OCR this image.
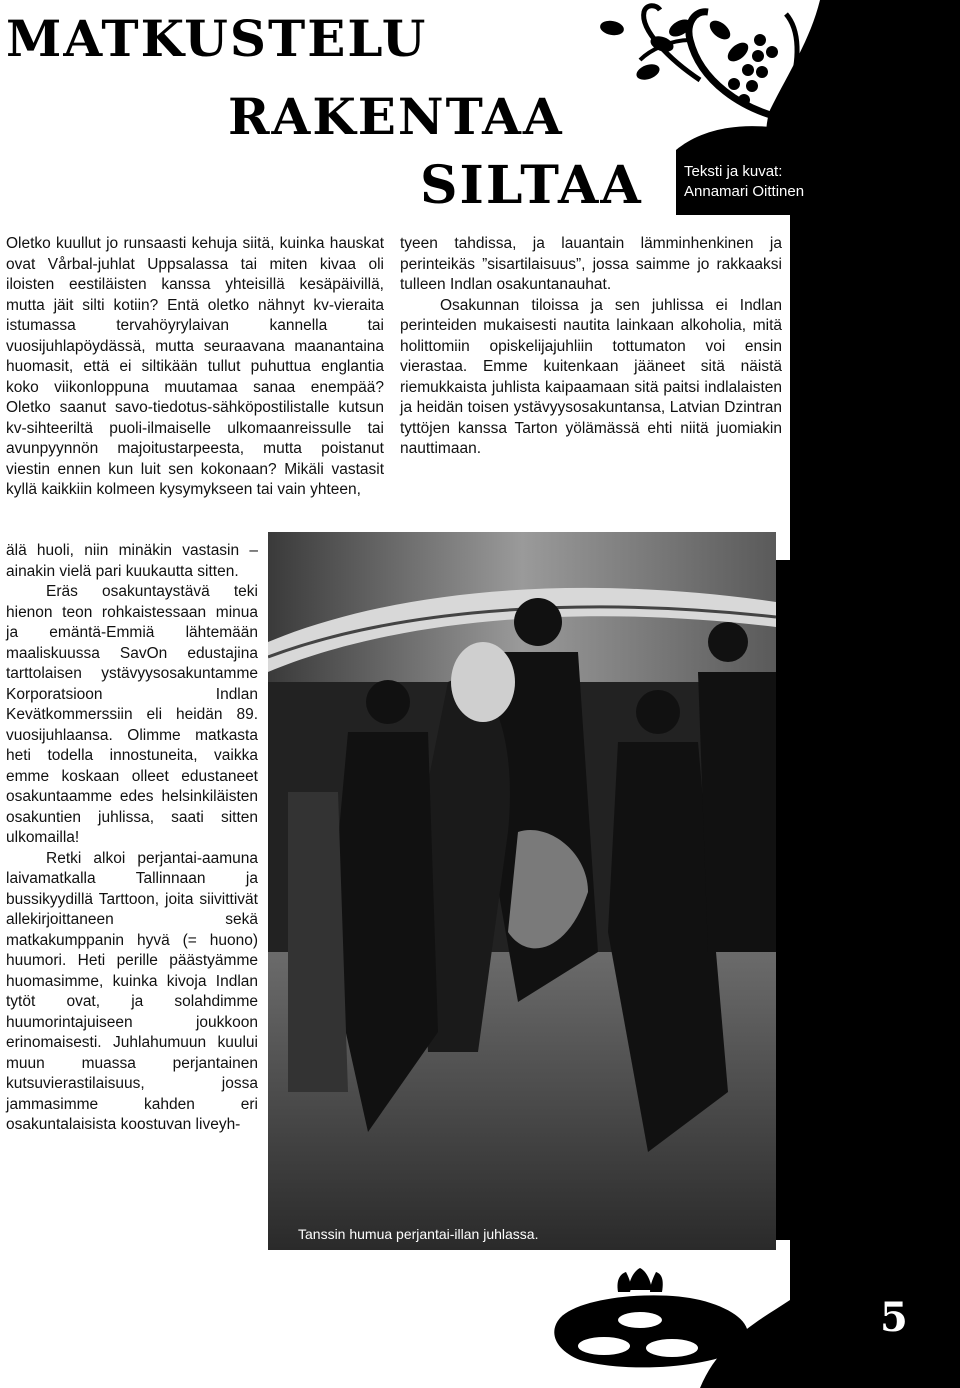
MATKUSTELU
RAKENTAA
SILTAA	Teksti ja kuvat:
Annamari Oittinen

Oletko kuullut jo runsaasti kehuja siitä, kuinka hauskat ovat Vårbal-juhlat Uppsalassa tai miten kivaa oli iloisten eestiläisten kanssa yhteisillä kesäpäivillä, mutta jäit silti kotiin? Entä oletko nähnyt kv-vieraita istumassa tervahöyrylaivan kannella tai vuosijuhlapöydässä, mutta seuraavana maanantaina huomasit, että ei siltikään tullut puhuttua englantia koko viikonloppuna muutamaa sanaa enempää? Oletko saanut savo-tiedotus-sähköpostilistalle kutsun kv-sihteeriltä puoli-ilmaiselle ulkomaanreissulle tai avunpyynnön majoitustarpeesta, mutta poistanut viestin ennen kun luit sen kokonaan? Mikäli vastasit kyllä kaikkiin kolmeen kysymykseen tai vain yhteen,

älä huoli, niin minäkin vastasin – ainakin vielä pari kuukautta sitten.

Eräs osakuntaystävä teki hienon teon rohkaistessaan minua ja emäntä-Emmiä lähtemään maaliskuussa SavOn edustajina tarttolaisen ystävyysosakuntamme Korporatsioon Indlan Kevätkommerssiin eli heidän 89. vuosijuhlaansa. Olimme matkasta heti todella innostuneita, vaikka emme koskaan olleet edustaneet osakuntaamme edes helsinkiläisten osakuntien juhlissa, saati sitten ulkomailla!

Retki alkoi perjantai-aamuna laivamatkalla Tallinnaan ja bussikyydillä Tarttoon, joita siivittivät allekirjoittaneen sekä matkakumppanin hyvä (= huono) huumori. Heti perille päästyämme huomasimme, kuinka kivoja Indlan tytöt ovat, ja solahdimme huumorintajuiseen joukkoon erinomaisesti. Juhlahumuun kuului muun muassa perjantainen kutsuvierastilaisuus, jossa jammasimme kahden eri osakuntalaisista koostuvan liveyh-

tyeen tahdissa, ja lauantain lämminhenkinen ja perinteikäs ”sisartilaisuus”, jossa saimme jo rakkaaksi tulleen Indlan osakuntanauhat.

Osakunnan tiloissa ja sen juhlissa ei Indlan perinteiden mukaisesti nautita lainkaan alkoholia, mitä holittomiin opiskelijajuhliin tottumaton voi ensin vierastaa. Emme kuitenkaan jääneet sitä näistä riemukkaista juhlista kaipaamaan sitä paitsi indlalaisten ja heidän toisen ystävyysosakuntansa, Latvian Dzintran tyttöjen kanssa Tarton yölämässä ehti niitä juomiakin nauttimaan.

Tanssin humua perjantai-illan juhlassa.
5
